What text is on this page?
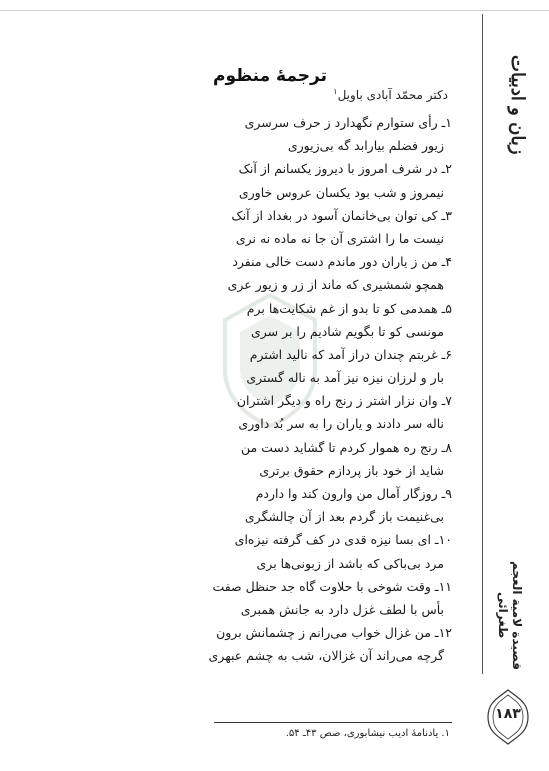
زبان و ادبیات
قصیدة لامیة العجم طغرائی
۱۸۳
ترجمهٔ منظوم
دکتر محمّد آبادی باویل$^۱$
۱ـ رأی ستوارم نگهدارد ز حرف سرسری
زیور فضلم بیارابد گه بی‌زیوری
۲ـ در شرف امروز با دیروز یکسانم از آنک
نیمروز و شب بود یکسان عروس خاوری
۳ـ کی توان بی‌خانمان آسود در بغداد از آنک
نیست ما را اشتری آن جا نه ماده نه نری
۴ـ من ز یاران دور ماندم دست خالی منفرد
همچو شمشیری که ماند از زر و زیور عری
۵ـ همدمی کو تا بدو از غم شکایت‌ها برم
مونسی کو تا بگویم شادیم را بر سری
۶ـ غربتم چندان دراز آمد که نالید اشترم
بار و لرزان نیزه نیز آمد به ناله گستری
۷ـ وان نزار اشتر ز رنج راه و دیگر اشتران
ناله سر دادند و یاران را به سر بُد داوری
۸ـ رنج ره هموار کردم تا گشاید دست من
شاید از خود باز پردازم حقوق برتری
۹ـ روزگار آمال من وارون کند وا داردم
بی‌غنیمت باز گردم بعد از آن چالشگری
۱۰ـ ای بسا نیزه قدی در کف گرفته نیزه‌ای
مرد بی‌باکی که باشد از زبونی‌ها بری
۱۱ـ وقت شوخی با حلاوت گاه جد حنظل صفت
بأس با لطف غزل دارد به جانش همبری
۱۲ـ من غزال خواب می‌رانم ز چشمانش برون
گرچه می‌راند آن غزالان، شب به چشم عبهری
۱. یادنامهٔ ادیب نیشابوری، صص ۴۳ـ ۵۴.
